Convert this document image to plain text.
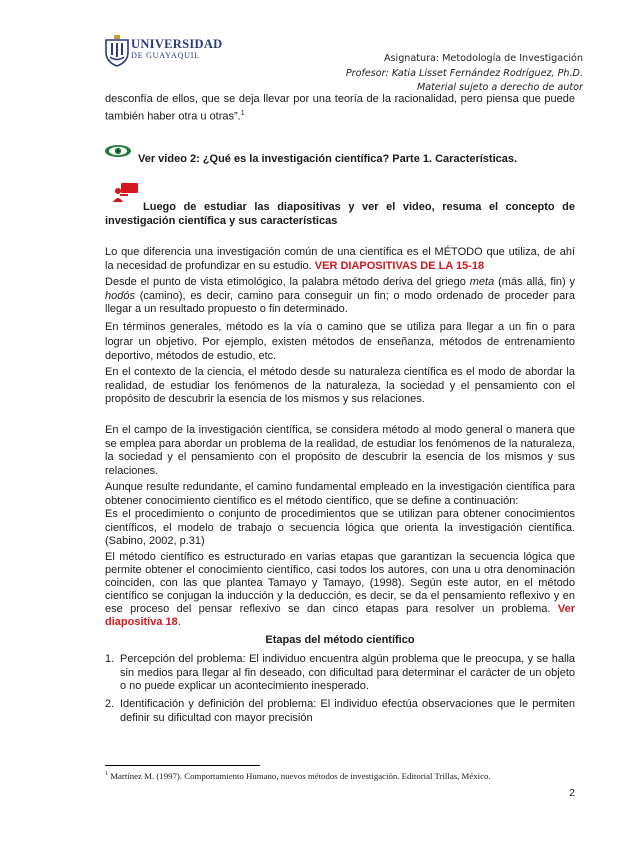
UNIVERSIDAD
DE GUAYAQUIL	Asignatura: Metodología de Investigación
Profesor: Katia Lisset Fernández Rodríguez, Ph.D.
Material sujeto a derecho de autor

desconfía de ellos, que se deja llevar por una teoría de la racionalidad, pero piensa que puede también haber otra u otras”.$^1$

Ver video 2: ¿Qué es la investigación científica? Parte 1. Características.

Luego de estudiar las diapositivas y ver el video, resuma el concepto de investigación científica y sus características

Lo que diferencia una investigación común de una científica es el MÉTODO que utiliza, de ahí la necesidad de profundizar en su estudio. VER DIAPOSITIVAS DE LA 15-18

Desde el punto de vista etimológico, la palabra método deriva del griego meta (más allá, fin) y hodós (camino), es decir, camino para conseguir un fin; o modo ordenado de proceder para llegar a un resultado propuesto o fin determinado.

En términos generales, método es la vía o camino que se utiliza para llegar a un fin o para lograr un objetivo. Por ejemplo, existen métodos de enseñanza, métodos de entrenamiento deportivo, métodos de estudio, etc.

En el contexto de la ciencia, el método desde su naturaleza científica es el modo de abordar la realidad, de estudiar los fenómenos de la naturaleza, la sociedad y el pensamiento con el propósito de descubrir la esencia de los mismos y sus relaciones.

En el campo de la investigación científica, se considera método al modo general o manera que se emplea para abordar un problema de la realidad, de estudiar los fenómenos de la naturaleza, la sociedad y el pensamiento con el propósito de descubrir la esencia de los mismos y sus relaciones.

Aunque resulte redundante, el camino fundamental empleado en la investigación científica para obtener conocimiento científico es el método científico, que se define a continuación:

Es el procedimiento o conjunto de procedimientos que se utilizan para obtener conocimientos científicos, el modelo de trabajo o secuencia lógica que orienta la investigación científica. (Sabino, 2002, p.31)

El método científico es estructurado en varias etapas que garantizan la secuencia lógica que permite obtener el conocimiento científico, casi todos los autores, con una u otra denominación coinciden, con las que plantea Tamayo y Tamayo, (1998). Según este autor, en el método científico se conjugan la inducción y la deducción, es decir, se da el pensamiento reflexivo y en ese proceso del pensar reflexivo se dan cinco etapas para resolver un problema. Ver diapositiva 18.

Etapas del método científico
1. Percepción del problema: El individuo encuentra algún problema que le preocupa, y se halla sin medios para llegar al fin deseado, con dificultad para determinar el carácter de un objeto o no puede explicar un acontecimiento inesperado.
2. Identificación y definición del problema: El individuo efectúa observaciones que le permiten definir su dificultad con mayor precisión
$^1$ Martínez M. (1997). Comportamiento Humano, nuevos métodos de investigación. Editorial Trillas, México.
2
